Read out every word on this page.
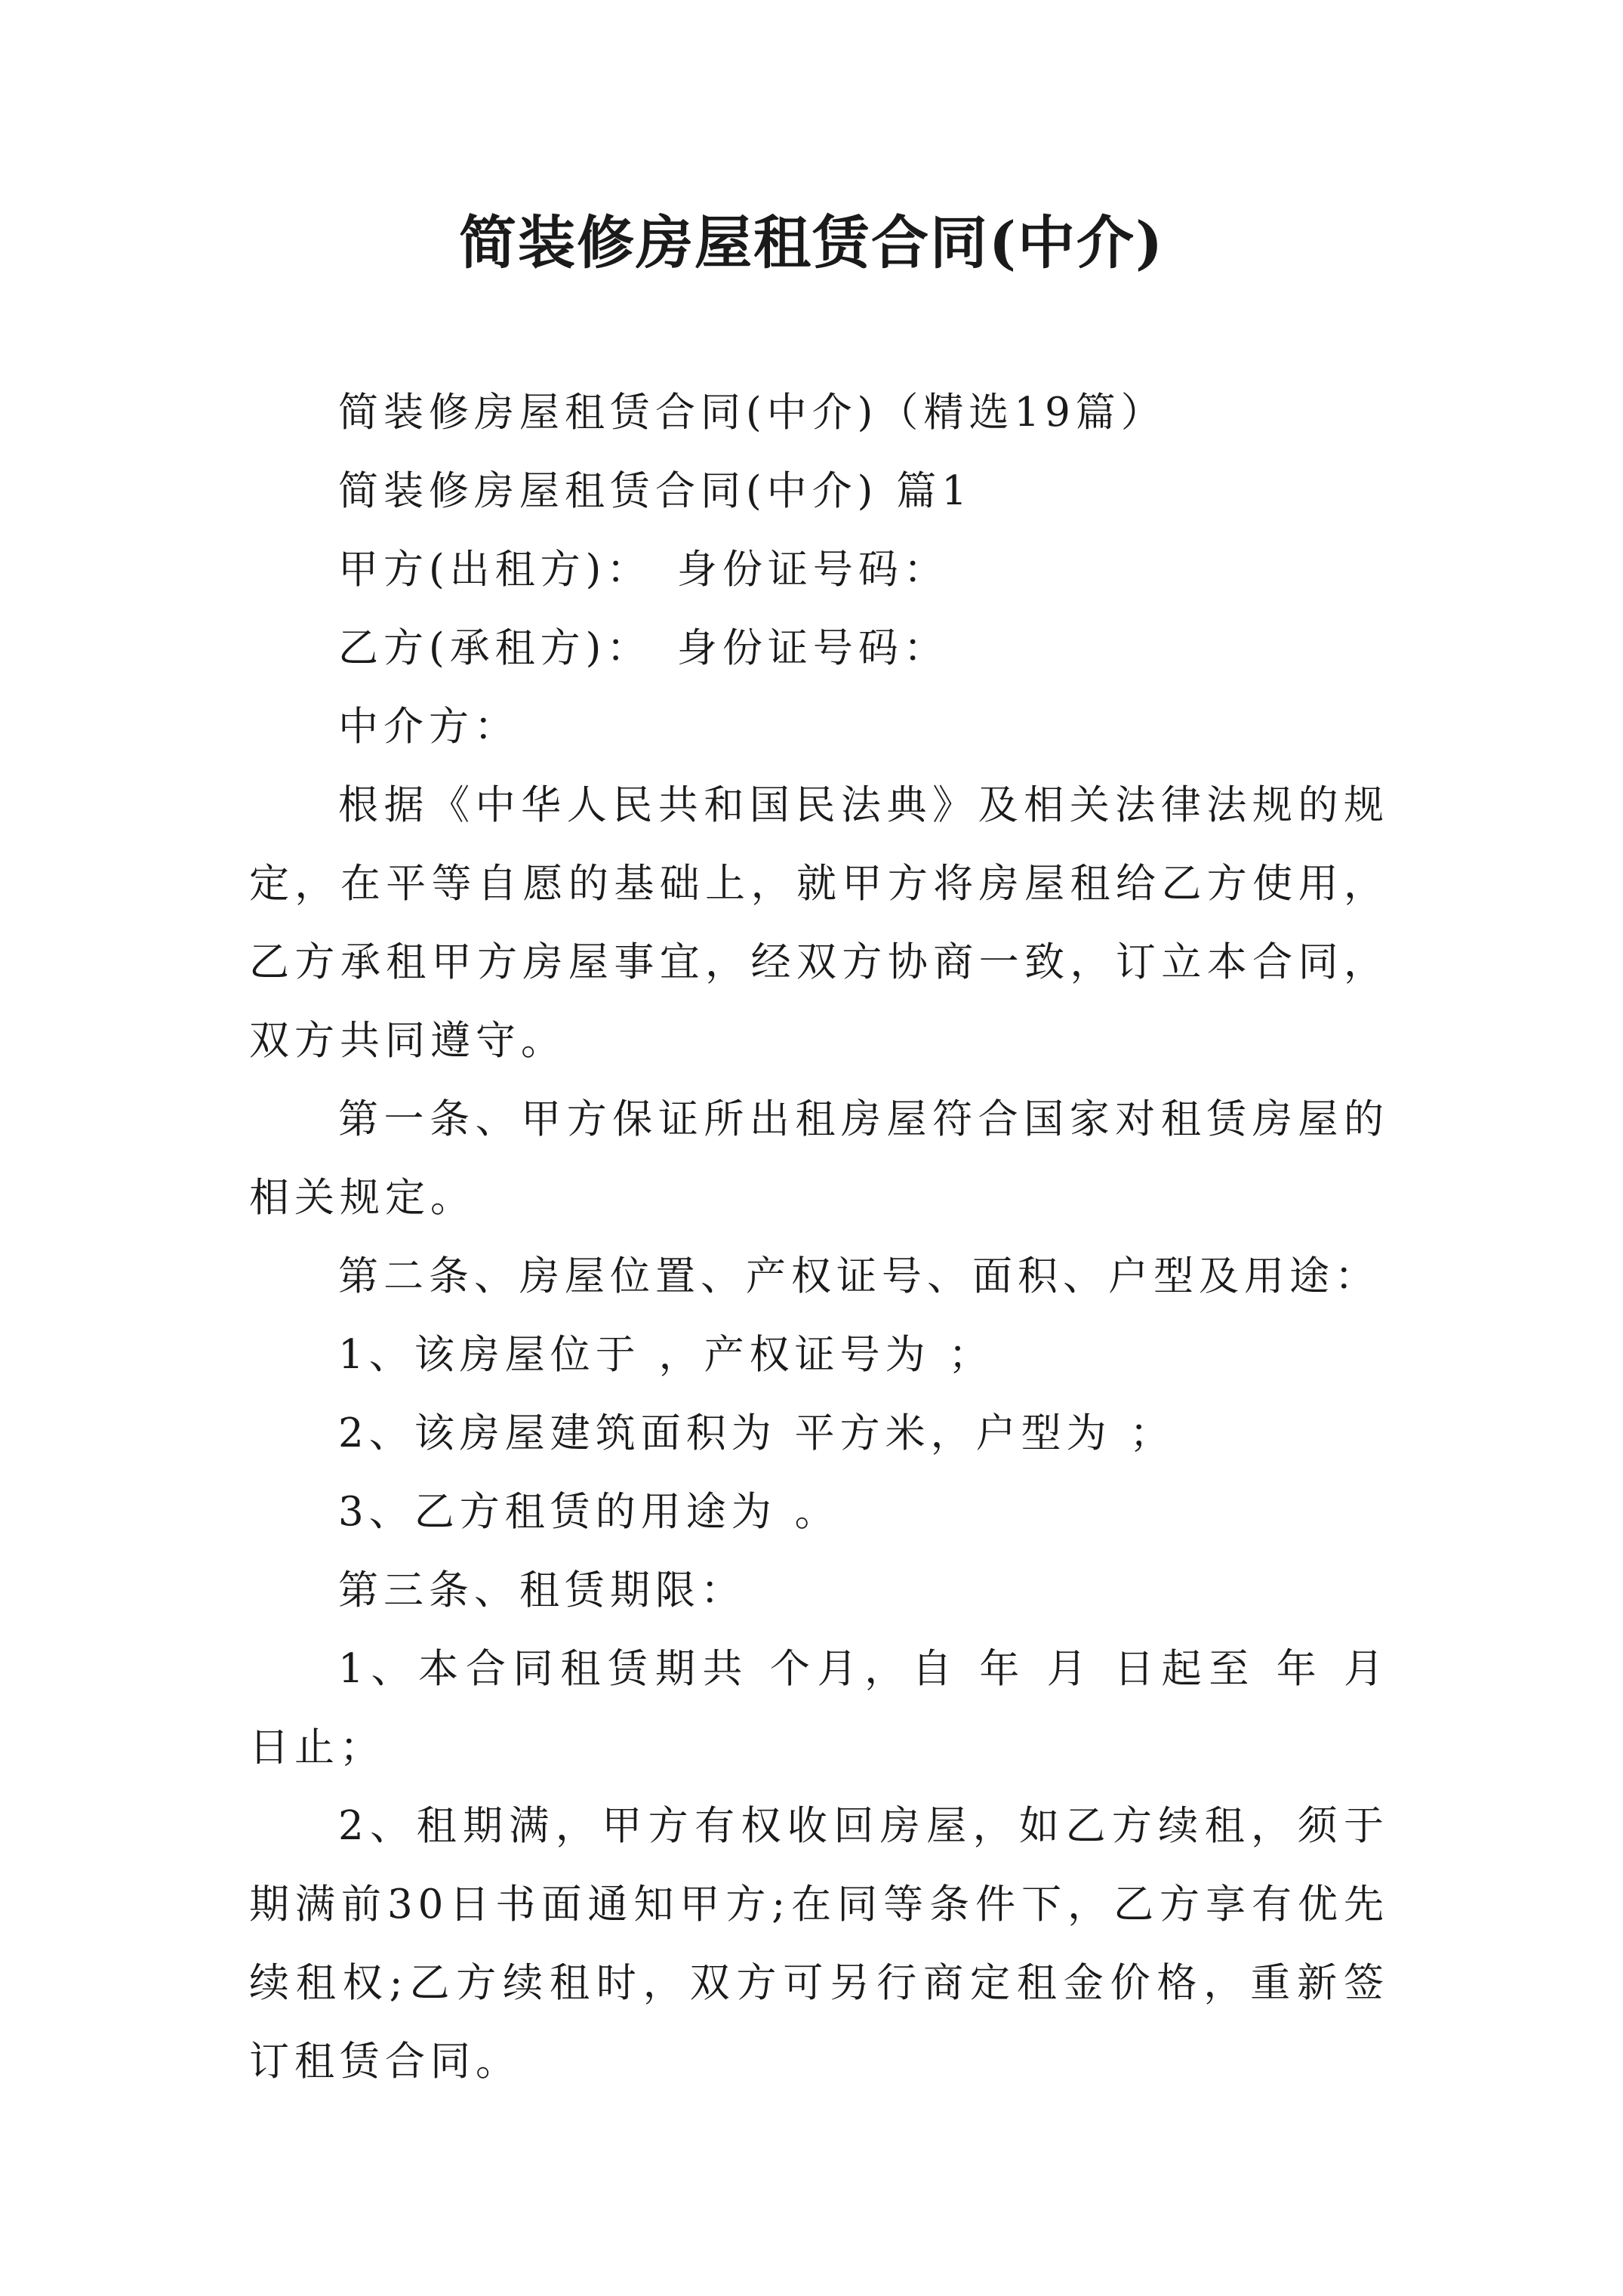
简装修房屋租赁合同(中介)

简装修房屋租赁合同(中介)（精选19篇）

简装修房屋租赁合同(中介) 篇1

甲方(出租方)：　身份证号码：

乙方(承租方)：　身份证号码：

中介方：

根据《中华人民共和国民法典》及相关法律法规的规定，在平等自愿的基础上，就甲方将房屋租给乙方使用，乙方承租甲方房屋事宜，经双方协商一致，订立本合同，双方共同遵守。

第一条、甲方保证所出租房屋符合国家对租赁房屋的相关规定。

第二条、房屋位置、产权证号、面积、户型及用途：

1、该房屋位于 ，产权证号为 ；

2、该房屋建筑面积为 平方米，户型为 ；

3、乙方租赁的用途为 。

第三条、租赁期限：

1、本合同租赁期共 个月，自 年 月 日起至 年 月 日止；

2、租期满，甲方有权收回房屋，如乙方续租，须于期满前30日书面通知甲方;在同等条件下，乙方享有优先续租权;乙方续租时，双方可另行商定租金价格，重新签订租赁合同。
